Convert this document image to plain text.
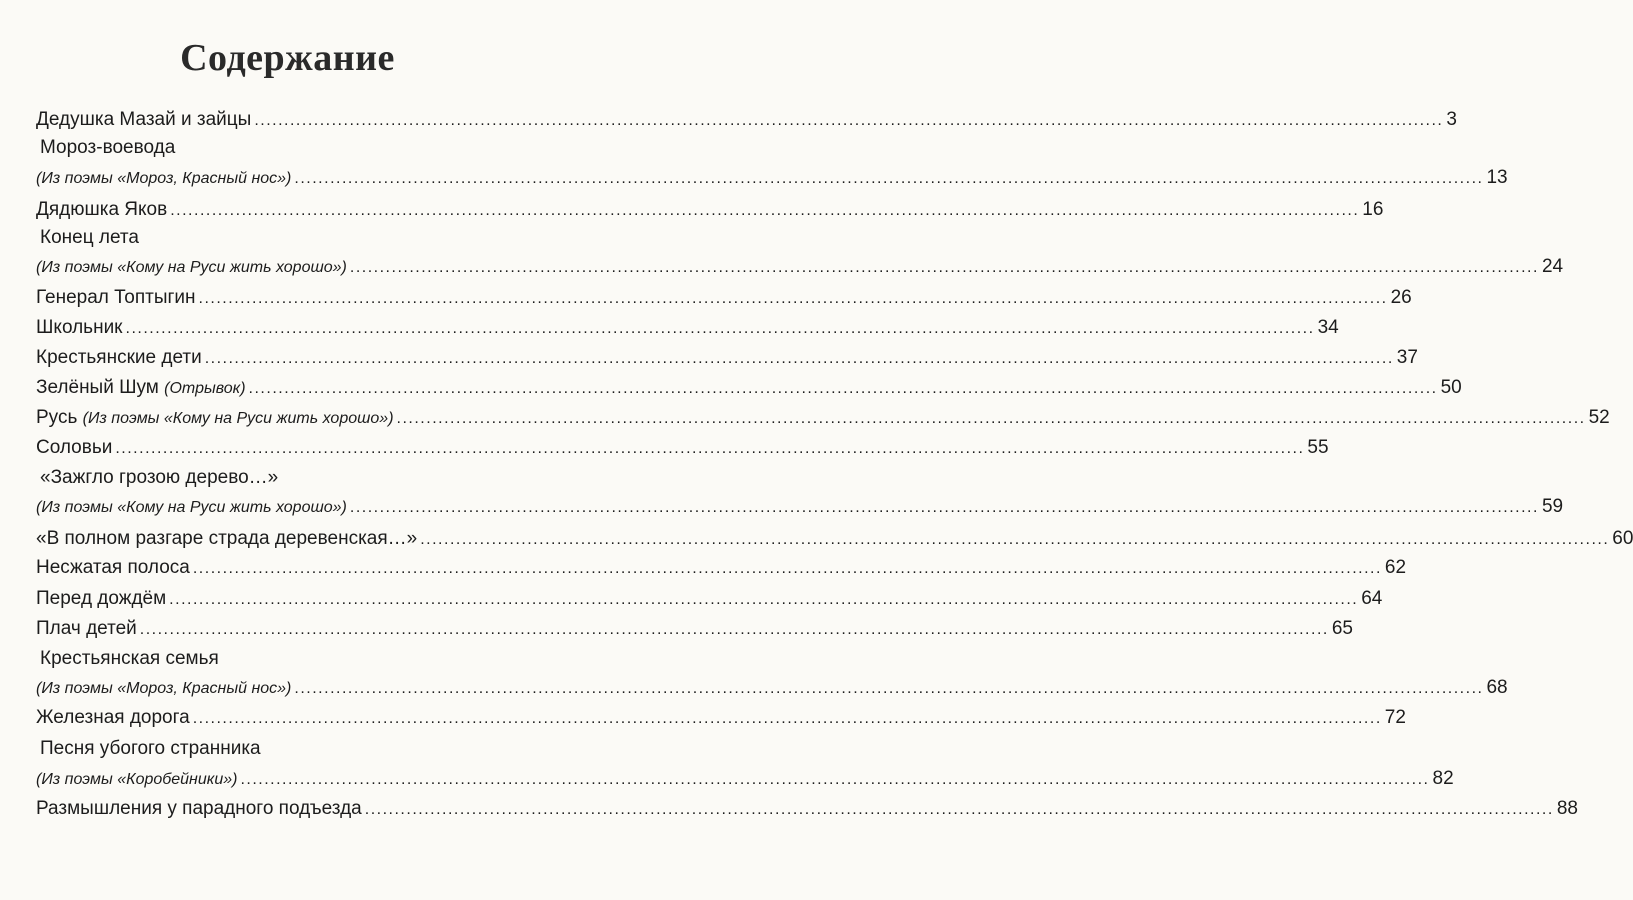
Содержание
Дедушка Мазай и зайцы ........................................................................................................................................................................................................ 3
Мороз-воевода
(Из поэмы «Мороз, Красный нос») ........................................................................................................................................................................................................ 13
Дядюшка Яков ........................................................................................................................................................................................................ 16
Конец лета
(Из поэмы «Кому на Руси жить хорошо») ........................................................................................................................................................................................................ 24
Генерал Топтыгин ........................................................................................................................................................................................................ 26
Школьник ........................................................................................................................................................................................................ 34
Крестьянские дети ........................................................................................................................................................................................................ 37
Зелёный Шум (Отрывок) ........................................................................................................................................................................................................ 50
Русь (Из поэмы «Кому на Руси жить хорошо») ........................................................................................................................................................................................................ 52
Соловьи ........................................................................................................................................................................................................ 55
«Зажгло грозою дерево…»
(Из поэмы «Кому на Руси жить хорошо») ........................................................................................................................................................................................................ 59
«В полном разгаре страда деревенская…» ........................................................................................................................................................................................................ 60
Несжатая полоса ........................................................................................................................................................................................................ 62
Перед дождём ........................................................................................................................................................................................................ 64
Плач детей ........................................................................................................................................................................................................ 65
Крестьянская семья
(Из поэмы «Мороз, Красный нос») ........................................................................................................................................................................................................ 68
Железная дорога ........................................................................................................................................................................................................ 72
Песня убогого странника
(Из поэмы «Коробейники») ........................................................................................................................................................................................................ 82
Размышления у парадного подъезда ........................................................................................................................................................................................................ 88
